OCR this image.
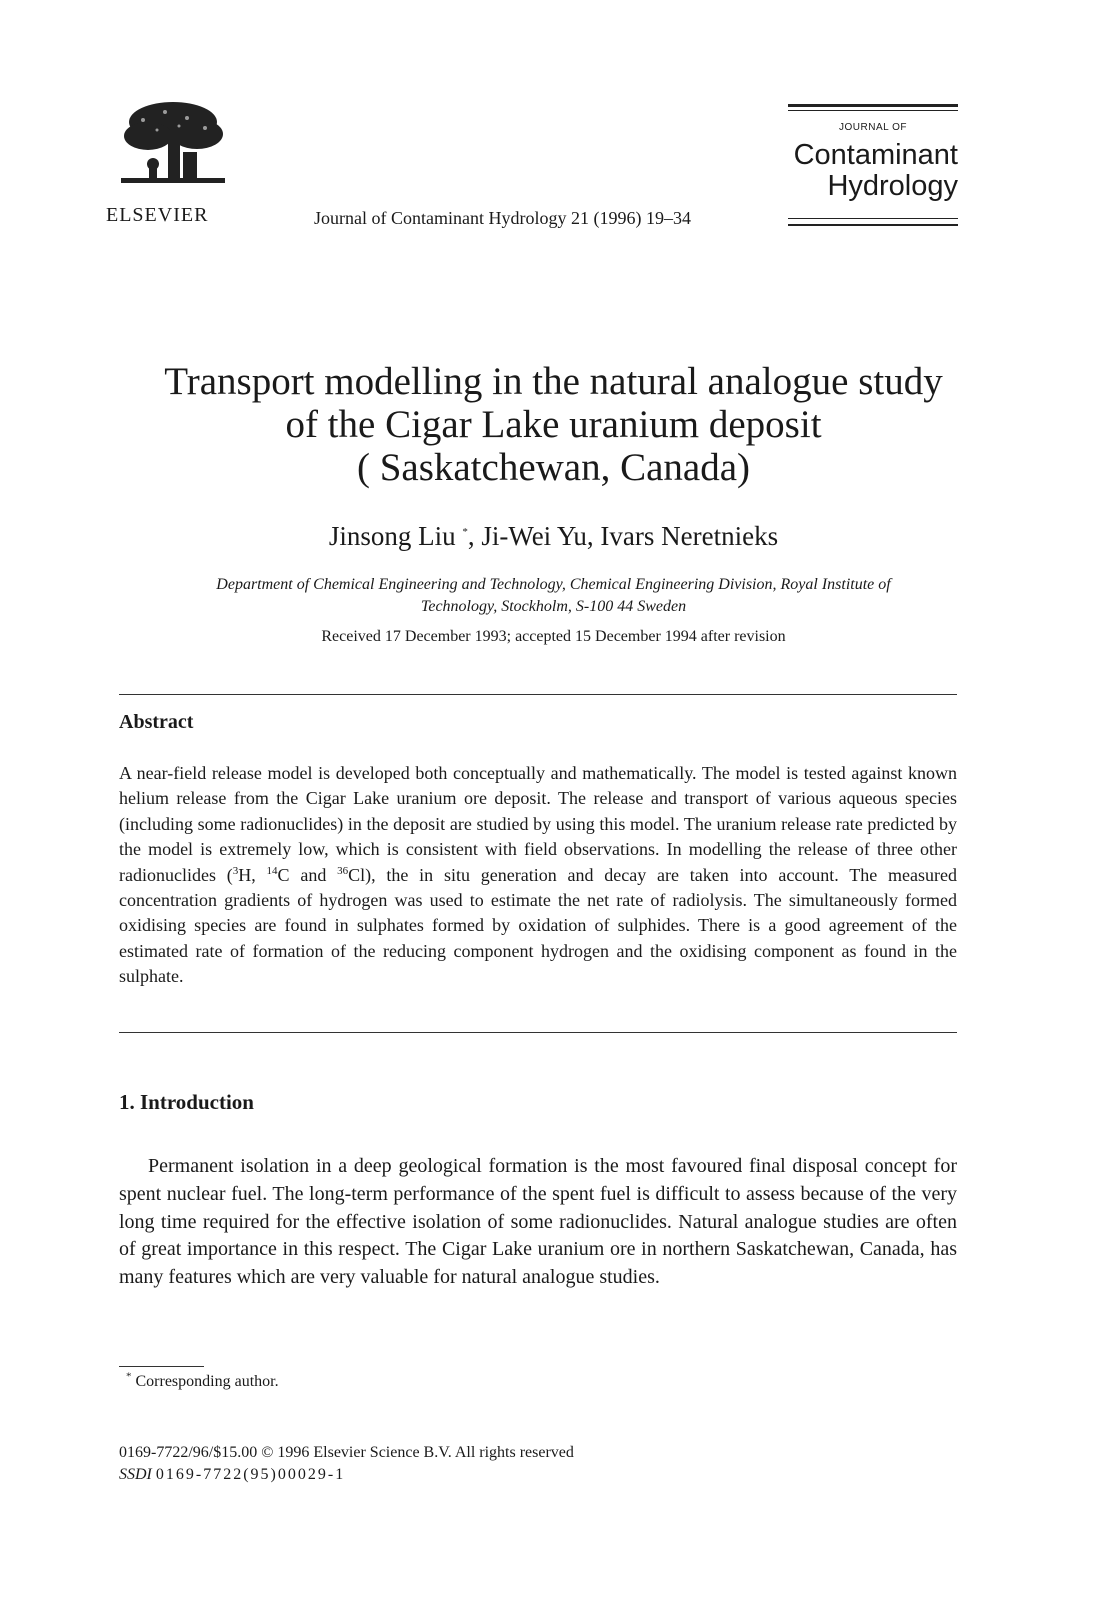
ELSEVIER	Journal of Contaminant Hydrology 21 (1996) 19–34
JOURNAL OF
Contaminant
Hydrology
Transport modelling in the natural analogue study
of the Cigar Lake uranium deposit
( Saskatchewan, Canada)
Jinsong Liu *, Ji-Wei Yu, Ivars Neretnieks
Department of Chemical Engineering and Technology, Chemical Engineering Division, Royal Institute of
Technology, Stockholm, S-100 44 Sweden
Received 17 December 1993; accepted 15 December 1994 after revision
Abstract
A near-field release model is developed both conceptually and mathematically. The model is tested against known helium release from the Cigar Lake uranium ore deposit. The release and transport of various aqueous species (including some radionuclides) in the deposit are studied by using this model. The uranium release rate predicted by the model is extremely low, which is consistent with field observations. In modelling the release of three other radionuclides ($^3$H, $^{14}$C and $^{36}$Cl), the in situ generation and decay are taken into account. The measured concentration gradients of hydrogen was used to estimate the net rate of radiolysis. The simultaneously formed oxidising species are found in sulphates formed by oxidation of sulphides. There is a good agreement of the estimated rate of formation of the reducing component hydrogen and the oxidising component as found in the sulphate.
1. Introduction
Permanent isolation in a deep geological formation is the most favoured final disposal concept for spent nuclear fuel. The long-term performance of the spent fuel is difficult to assess because of the very long time required for the effective isolation of some radionuclides. Natural analogue studies are often of great importance in this respect. The Cigar Lake uranium ore in northern Saskatchewan, Canada, has many features which are very valuable for natural analogue studies.
* Corresponding author.
0169-7722/96/$15.00 © 1996 Elsevier Science B.V. All rights reserved
SSDI 0169-7722(95)00029-1
